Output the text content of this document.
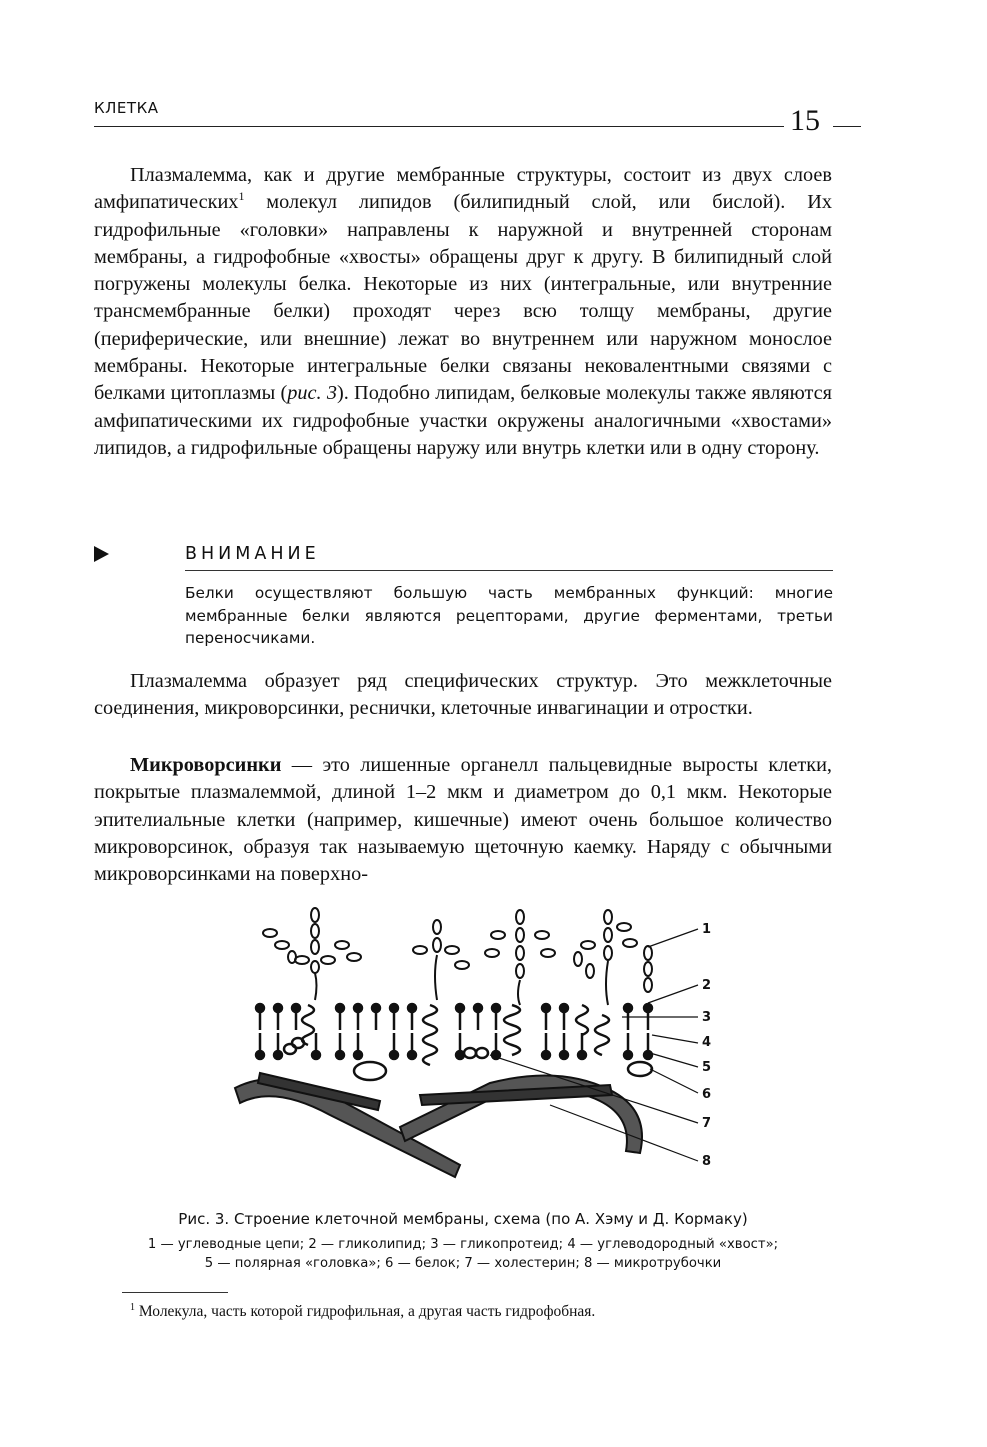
КЛЕТКА	15

Плазмалемма, как и другие мембранные структуры, состоит из двух слоев амфипатических$^1$ молекул липидов (билипидный слой, или бислой). Их гидрофильные «головки» направлены к наружной и внутренней сторонам мембраны, а гидрофобные «хвосты» обращены друг к другу. В билипидный слой погружены молекулы белка. Некоторые из них (интегральные, или внутренние трансмембранные белки) проходят через всю толщу мембраны, другие (периферические, или внешние) лежат во внутреннем или наружном монослое мембраны. Некоторые интегральные белки связаны нековалентными связями с белками цитоплазмы (рис. 3). Подобно липидам, белковые молекулы также являются амфипатическими их гидрофобные участки окружены аналогичными «хвостами» липидов, а гидрофильные обращены наружу или внутрь клетки или в одну сторону.

ВНИМАНИЕ

Белки осуществляют большую часть мембранных функций: многие мембранные белки являются рецепторами, другие ферментами, третьи переносчиками.

Плазмалемма образует ряд специфических структур. Это межклеточные соединения, микроворсинки, реснички, клеточные инвагинации и отростки.

Микроворсинки — это лишенные органелл пальцевидные выросты клетки, покрытые плазмалеммой, длиной 1–2 мкм и диаметром до 0,1 мкм. Некоторые эпителиальные клетки (например, кишечные) имеют очень большое количество микроворсинок, образуя так называемую щеточную каемку. Наряду с обычными микроворсинками на поверхно-

1
2
3
4
5
6
7
8
Рис. 3. Строение клеточной мембраны, схема (по А. Хэму и Д. Кормаку)
1 — углеводные цепи; 2 — гликолипид; 3 — гликопротеид; 4 — углеводородный «хвост»;
5 — полярная «головка»; 6 — белок; 7 — холестерин; 8 — микротрубочки
$^1$ Молекула, часть которой гидрофильная, а другая часть гидрофобная.
